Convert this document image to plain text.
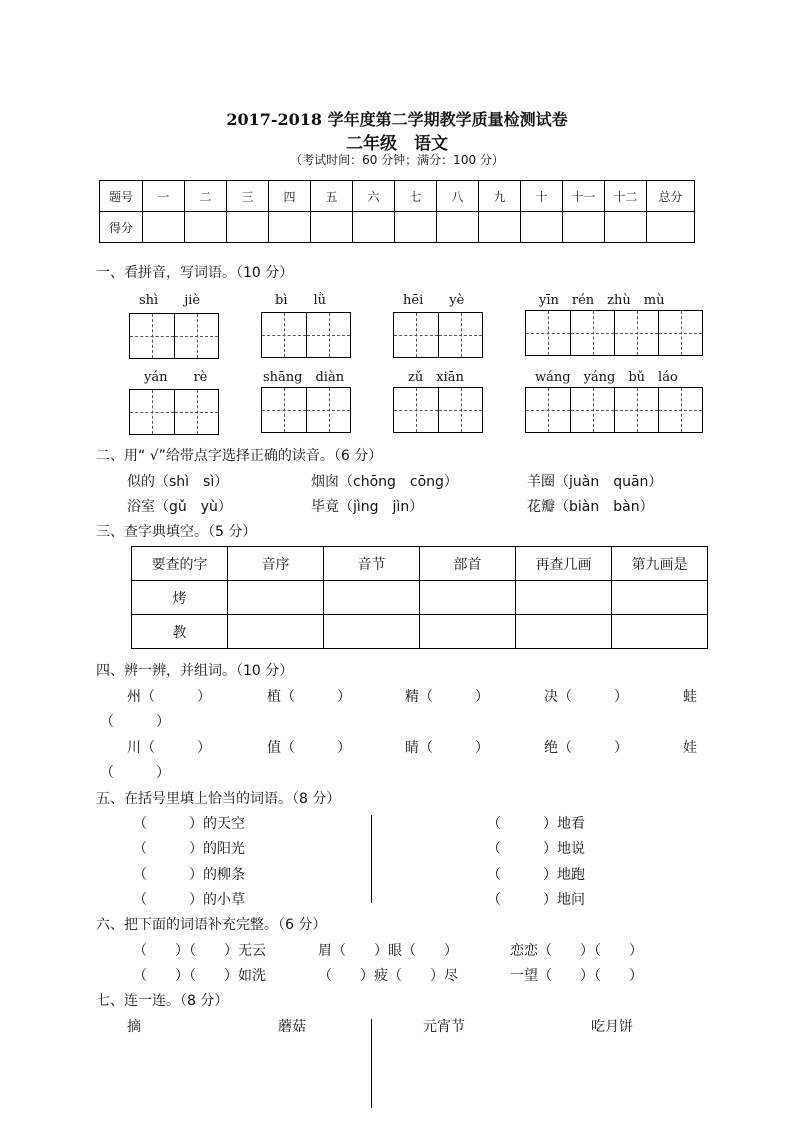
2017-2018 学年度第二学期教学质量检测试卷
二年级　语文
（考试时间：60 分钟；满分：100 分）
题号	一	二	三	四	五	六	七	八	九	十	十一	十二	总分
得分													
一、看拼音，写词语。（10 分）
shì　　jiè	bì　　lǜ	hēi　　yè	yīn　rén　zhù　mù
yán　　rè	shāng　diàn	zǔ　xiān	wáng　yáng　bǔ　láo
二、用“ √”给带点字选择正确的读音。（6 分）
似的（shì　sì）	烟囱（chōng　cōng）	羊圈（juàn　quān）
浴室（gǔ　yù）	毕竟（jìng　jìn）	花瓣（biàn　bàn）
三、查字典填空。（5 分）
要查的字	音序	音节	部首	再查几画	第九画是
烤					
教					
四、辨一辨，并组词。（10 分）
州（　　　）	植（　　　）	精（　　　）	决（　　　）	蛙
（　　　）
川（　　　）	值（　　　）	睛（　　　）	绝（　　　）	娃
（　　　）
五、在括号里填上恰当的词语。（8 分）
（　　　）的天空
（　　　）的阳光
（　　　）的柳条
（　　　）的小草
（　　　）地看
（　　　）地说
（　　　）地跑
（　　　）地问
六、把下面的词语补充完整。（6 分）
（　　）（　　）无云	眉（　　）眼（　　）	恋恋（　　）（　　）
（　　）（　　）如洗	（　　）疲（　　）尽	一望（　　）（　　）
七、连一连。（8 分）
摘	蘑菇	元宵节	吃月饼
